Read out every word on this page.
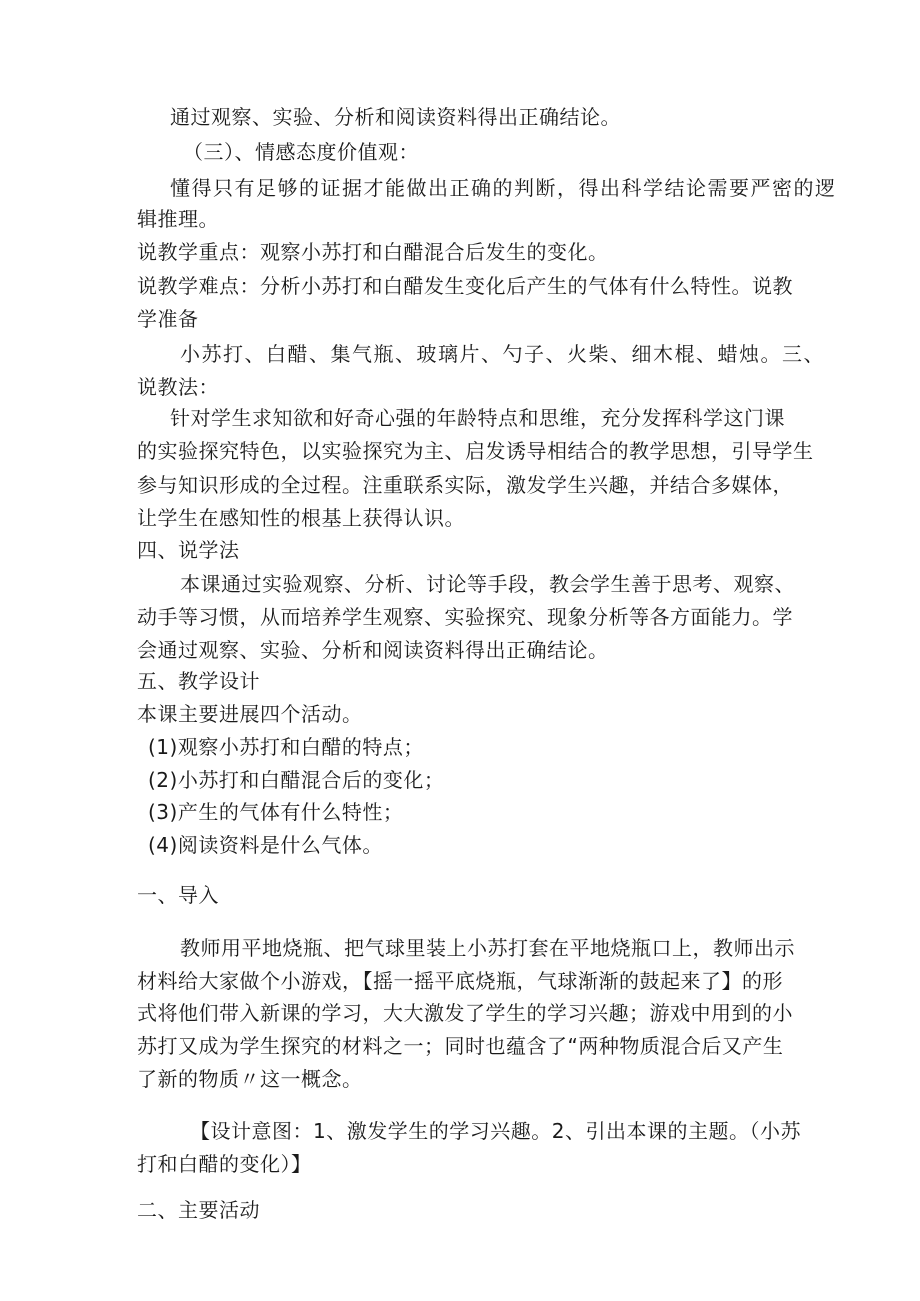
通过观察、实验、分析和阅读资料得出正确结论。

（三）、情感态度价值观：

懂得只有足够的证据才能做出正确的判断，得出科学结论需要严密的逻

辑推理。

说教学重点：观察小苏打和白醋混合后发生的变化。

说教学难点：分析小苏打和白醋发生变化后产生的气体有什么特性。说教

学准备

小苏打、白醋、集气瓶、玻璃片、勺子、火柴、细木棍、蜡烛。三、

说教法：

针对学生求知欲和好奇心强的年龄特点和思维，充分发挥科学这门课

的实验探究特色，以实验探究为主、启发诱导相结合的教学思想，引导学生

参与知识形成的全过程。注重联系实际，激发学生兴趣，并结合多媒体，

让学生在感知性的根基上获得认识。

四、说学法

本课通过实验观察、分析、讨论等手段，教会学生善于思考、观察、

动手等习惯，从而培养学生观察、实验探究、现象分析等各方面能力。学

会通过观察、实验、分析和阅读资料得出正确结论。

五、教学设计

本课主要进展四个活动。

(1)观察小苏打和白醋的特点；

(2)小苏打和白醋混合后的变化；

(3)产生的气体有什么特性；

(4)阅读资料是什么气体。

一、导入

教师用平地烧瓶、把气球里装上小苏打套在平地烧瓶口上，教师出示

材料给大家做个小游戏，【摇一摇平底烧瓶，气球渐渐的鼓起来了】的形

式将他们带入新课的学习，大大激发了学生的学习兴趣；游戏中用到的小

苏打又成为学生探究的材料之一；同时也蕴含了“两种物质混合后又产生

了新的物质〃这一概念。

【设计意图：1、激发学生的学习兴趣。2、引出本课的主题。（小苏

打和白醋的变化）】

二、主要活动
